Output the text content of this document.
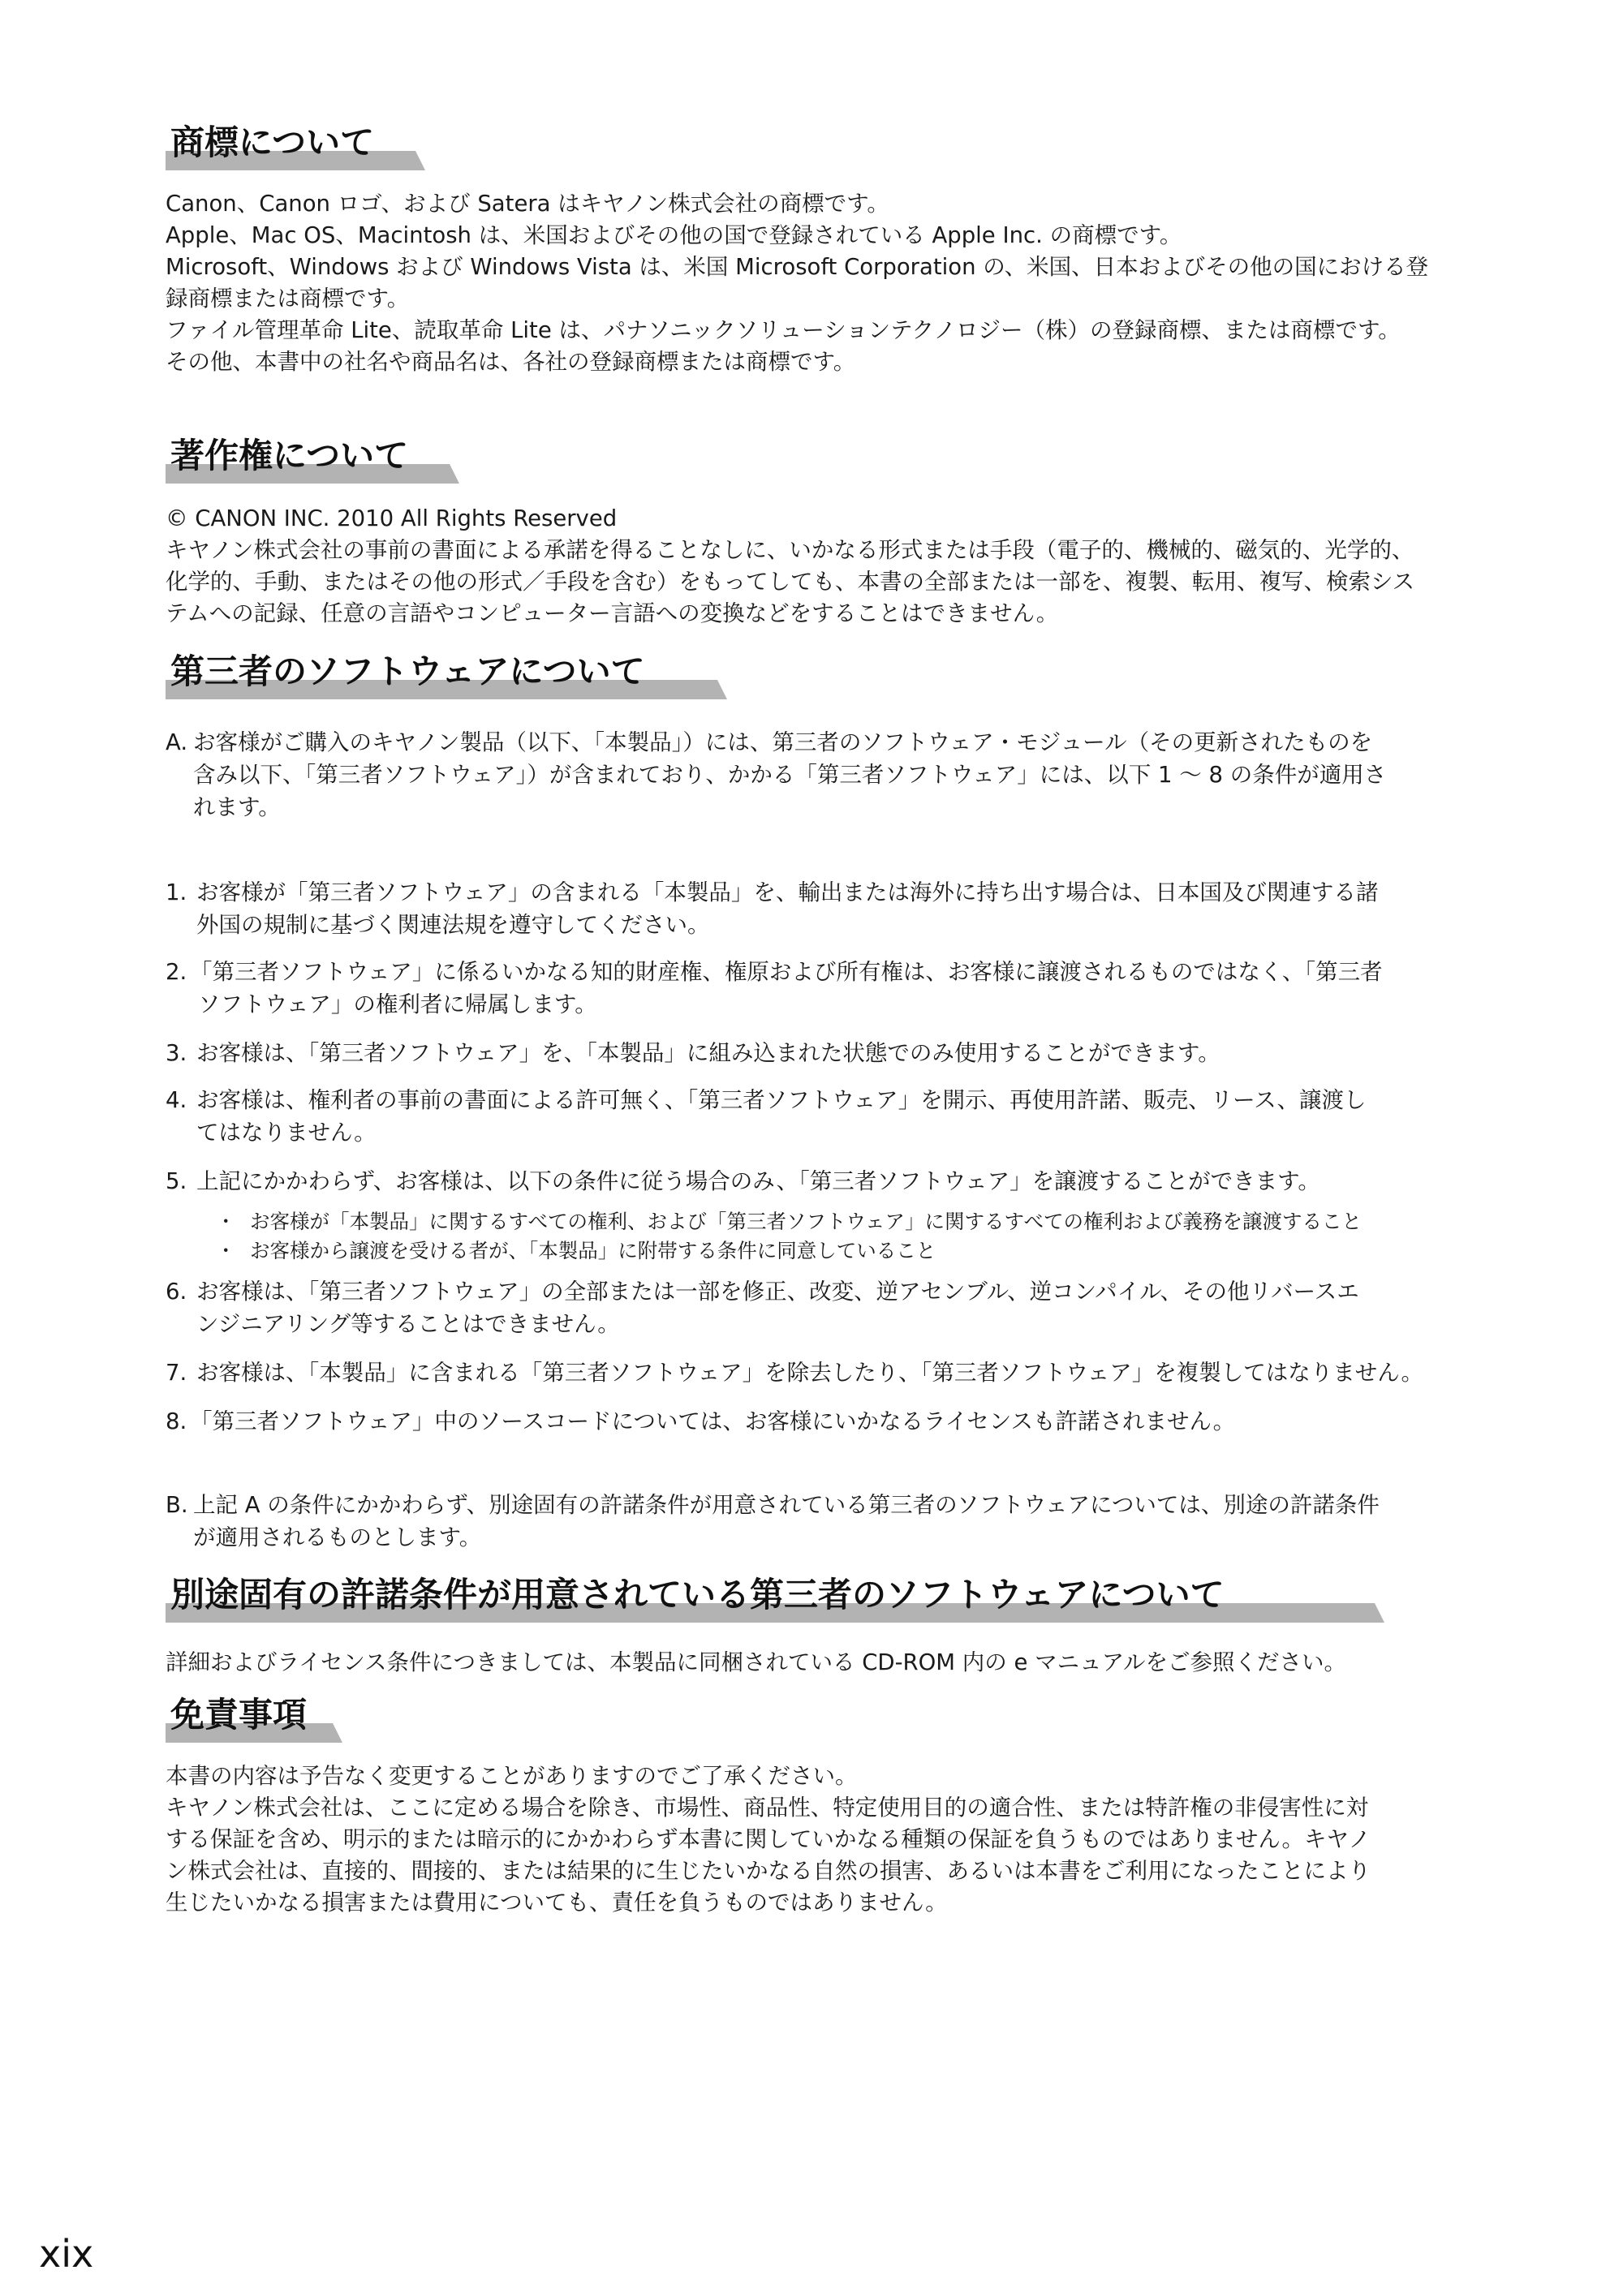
商標について
Canon、Canon ロゴ、および Satera はキヤノン株式会社の商標です。
Apple、Mac OS、Macintosh は、米国およびその他の国で登録されている Apple Inc. の商標です。
Microsoft、Windows および Windows Vista は、米国 Microsoft Corporation の、米国、日本およびその他の国における登
録商標または商標です。
ファイル管理革命 Lite、読取革命 Lite は、パナソニックソリューションテクノロジー（株）の登録商標、または商標です。
その他、本書中の社名や商品名は、各社の登録商標または商標です。
著作権について
© CANON INC. 2010 All Rights Reserved
キヤノン株式会社の事前の書面による承諾を得ることなしに、いかなる形式または手段（電子的、機械的、磁気的、光学的、
化学的、手動、またはその他の形式／手段を含む）をもってしても、本書の全部または一部を、複製、転用、複写、検索シス
テムへの記録、任意の言語やコンピューター言語への変換などをすることはできません。
第三者のソフトウェアについて
A. お客様がご購入のキヤノン製品（以下、「本製品」）には、第三者のソフトウェア・モジュール（その更新されたものを
含み以下、「第三者ソフトウェア」）が含まれており、かかる「第三者ソフトウェア」には、以下 1 ～ 8 の条件が適用さ
れます。
1. お客様が「第三者ソフトウェア」の含まれる「本製品」を、輸出または海外に持ち出す場合は、日本国及び関連する諸
外国の規制に基づく関連法規を遵守してください。
2. 「第三者ソフトウェア」に係るいかなる知的財産権、権原および所有権は、お客様に譲渡されるものではなく、「第三者
ソフトウェア」の権利者に帰属します。
3. お客様は、「第三者ソフトウェア」を、「本製品」に組み込まれた状態でのみ使用することができます。
4. お客様は、権利者の事前の書面による許可無く、「第三者ソフトウェア」を開示、再使用許諾、販売、リース、譲渡し
てはなりません。
5. 上記にかかわらず、お客様は、以下の条件に従う場合のみ、「第三者ソフトウェア」を譲渡することができます。
・ お客様が「本製品」に関するすべての権利、および「第三者ソフトウェア」に関するすべての権利および義務を譲渡すること
・ お客様から譲渡を受ける者が、「本製品」に附帯する条件に同意していること
6. お客様は、「第三者ソフトウェア」の全部または一部を修正、改変、逆アセンブル、逆コンパイル、その他リバースエ
ンジニアリング等することはできません。
7. お客様は、「本製品」に含まれる「第三者ソフトウェア」を除去したり、「第三者ソフトウェア」を複製してはなりません。
8. 「第三者ソフトウェア」中のソースコードについては、お客様にいかなるライセンスも許諾されません。
B. 上記 A の条件にかかわらず、別途固有の許諾条件が用意されている第三者のソフトウェアについては、別途の許諾条件
が適用されるものとします。
別途固有の許諾条件が用意されている第三者のソフトウェアについて
詳細およびライセンス条件につきましては、本製品に同梱されている CD-ROM 内の e マニュアルをご参照ください。
免責事項
本書の内容は予告なく変更することがありますのでご了承ください。
キヤノン株式会社は、ここに定める場合を除き、市場性、商品性、特定使用目的の適合性、または特許権の非侵害性に対
する保証を含め、明示的または暗示的にかかわらず本書に関していかなる種類の保証を負うものではありません。キヤノ
ン株式会社は、直接的、間接的、または結果的に生じたいかなる自然の損害、あるいは本書をご利用になったことにより
生じたいかなる損害または費用についても、責任を負うものではありません。
xix
